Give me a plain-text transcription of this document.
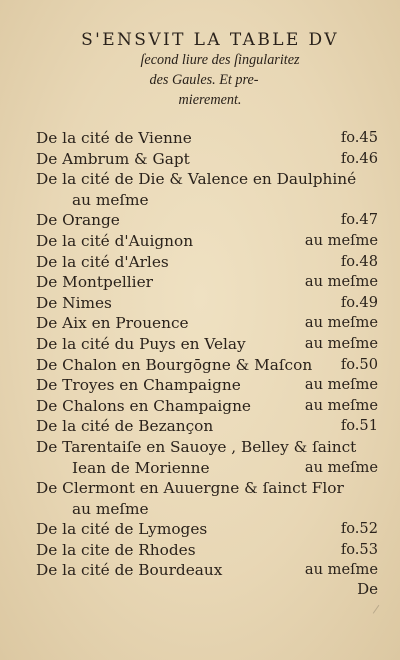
S'ENSVIT LA TABLE DV
ſecond liure des ſingularitez
des Gaules. Et pre-
mierement.
De la cité de Vienne	fo.45
De Ambrum & Gapt	fo.46
De la cité de Die & Valence en Daulphiné
au meſme
De Orange	fo.47
De la cité d'Auignon	au meſme
De la cité d'Arles	fo.48
De Montpellier	au meſme
De Nimes	fo.49
De Aix en Prouence	au meſme
De la cité du Puys en Velay	au meſme
De Chalon en Bourgōgne & Maſcon fo.50
De Troyes en Champaigne	au meſme
De Chalons en Champaigne	au meſme
De la cité de Bezançon	fo.51
De Tarentaiſe en Sauoye , Belley & ſainct
Iean de Morienne	au meſme
De Clermont en Auuergne & ſainct Flor
au meſme
De la cité de Lymoges	fo.52
De la cite de Rhodes	fo.53
De la cité de Bourdeaux	au meſme
De
